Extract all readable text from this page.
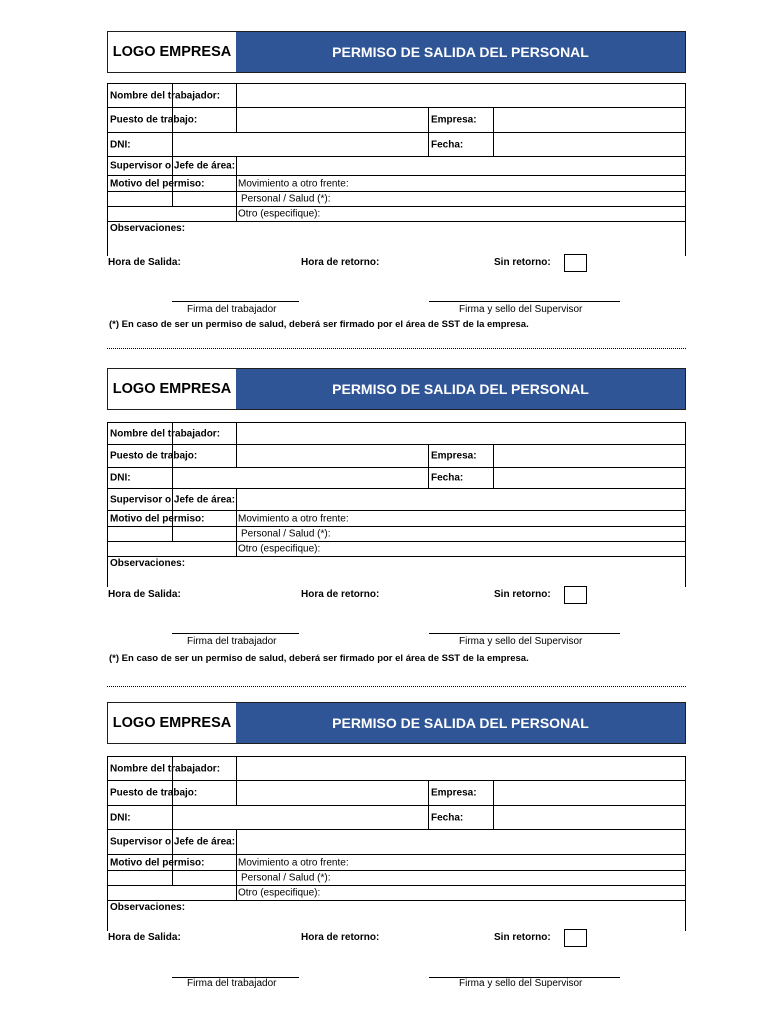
LOGO EMPRESA	PERMISO DE SALIDA DEL PERSONAL
Nombre del trabajador:
Puesto de trabajo:	Empresa:
DNI:	Fecha:
Supervisor o Jefe de área:
Motivo del permiso:	Movimiento a otro frente:
Personal / Salud (*):
Otro (especifique):
Observaciones:
Hora de Salida:	Hora de retorno:	Sin retorno:
Firma del trabajador	Firma y sello del Supervisor
(*) En caso de ser un permiso de salud, deberá ser firmado por el área de SST de la empresa.
LOGO EMPRESA	PERMISO DE SALIDA DEL PERSONAL
Nombre del trabajador:
Puesto de trabajo:	Empresa:
DNI:	Fecha:
Supervisor o Jefe de área:
Motivo del permiso:	Movimiento a otro frente:
Personal / Salud (*):
Otro (especifique):
Observaciones:
Hora de Salida:	Hora de retorno:	Sin retorno:
Firma del trabajador	Firma y sello del Supervisor
(*) En caso de ser un permiso de salud, deberá ser firmado por el área de SST de la empresa.
LOGO EMPRESA	PERMISO DE SALIDA DEL PERSONAL
Nombre del trabajador:
Puesto de trabajo:	Empresa:
DNI:	Fecha:
Supervisor o Jefe de área:
Motivo del permiso:	Movimiento a otro frente:
Personal / Salud (*):
Otro (especifique):
Observaciones:
Hora de Salida:	Hora de retorno:	Sin retorno:
Firma del trabajador	Firma y sello del Supervisor
